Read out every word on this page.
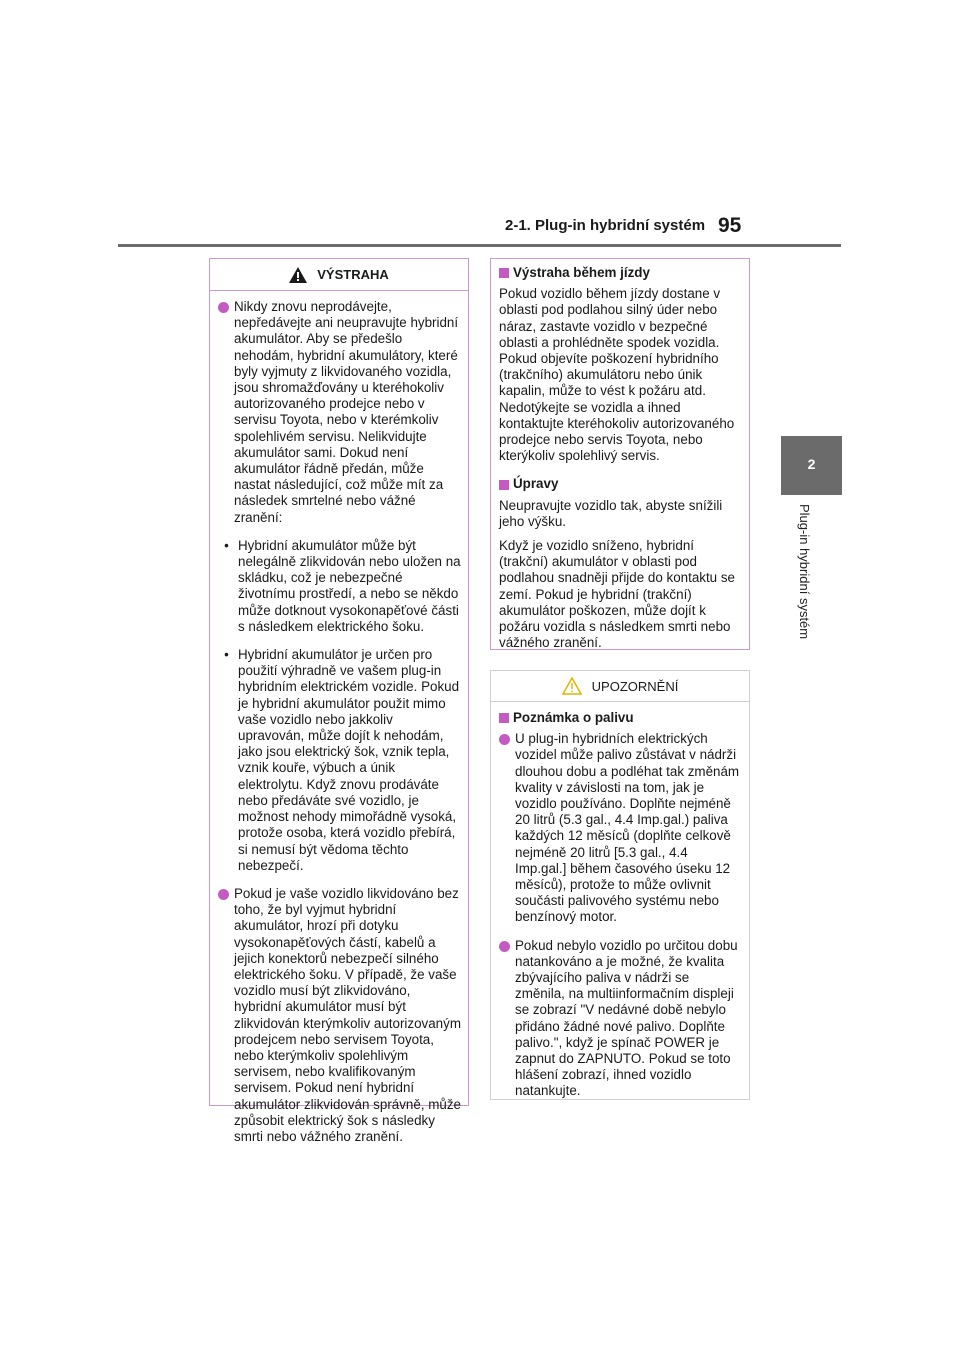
2-1. Plug-in hybridní systém 95
2
Plug-in hybridní systém
VÝSTRAHA
Nikdy znovu neprodávejte, nepředávejte ani neupravujte hybridní akumulátor. Aby se předešlo nehodám, hybridní akumulátory, které byly vyjmuty z likvidovaného vozidla, jsou shromažďovány u kteréhokoliv autorizovaného prodejce nebo v servisu Toyota, nebo v kterémkoliv spolehlivém servisu. Nelikvidujte akumulátor sami. Dokud není akumulátor řádně předán, může nastat následující, což může mít za následek smrtelné nebo vážné zranění:
• Hybridní akumulátor může být nelegálně zlikvidován nebo uložen na skládku, což je nebezpečné životnímu prostředí, a nebo se někdo může dotknout vysokonapěťové části s následkem elektrického šoku.
• Hybridní akumulátor je určen pro použití výhradně ve vašem plug-in hybridním elektrickém vozidle. Pokud je hybridní akumulátor použit mimo vaše vozidlo nebo jakkoliv upravován, může dojít k nehodám, jako jsou elektrický šok, vznik tepla, vznik kouře, výbuch a únik elektrolytu. Když znovu prodáváte nebo předáváte své vozidlo, je možnost nehody mimořádně vysoká, protože osoba, která vozidlo přebírá, si nemusí být vědoma těchto nebezpečí.
Pokud je vaše vozidlo likvidováno bez toho, že byl vyjmut hybridní akumulátor, hrozí při dotyku vysokonapěťových částí, kabelů a jejich konektorů nebezpečí silného elektrického šoku. V případě, že vaše vozidlo musí být zlikvidováno, hybridní akumulátor musí být zlikvidován kterýmkoliv autorizovaným prodejcem nebo servisem Toyota, nebo kterýmkoliv spolehlivým servisem, nebo kvalifikovaným servisem. Pokud není hybridní akumulátor zlikvidován správně, může způsobit elektrický šok s následky smrti nebo vážného zranění.
Výstraha během jízdy
Pokud vozidlo během jízdy dostane v oblasti pod podlahou silný úder nebo náraz, zastavte vozidlo v bezpečné oblasti a prohlédněte spodek vozidla. Pokud objevíte poškození hybridního (trakčního) akumulátoru nebo únik kapalin, může to vést k požáru atd. Nedotýkejte se vozidla a ihned kontaktujte kteréhokoliv autorizovaného prodejce nebo servis Toyota, nebo kterýkoliv spolehlivý servis.
Úpravy
Neupravujte vozidlo tak, abyste snížili jeho výšku.
Když je vozidlo sníženo, hybridní (trakční) akumulátor v oblasti pod podlahou snadněji přijde do kontaktu se zemí. Pokud je hybridní (trakční) akumulátor poškozen, může dojít k požáru vozidla s následkem smrti nebo vážného zranění.
UPOZORNĚNÍ
Poznámka o palivu
U plug-in hybridních elektrických vozidel může palivo zůstávat v nádrži dlouhou dobu a podléhat tak změnám kvality v závislosti na tom, jak je vozidlo používáno. Doplňte nejméně 20 litrů (5.3 gal., 4.4 Imp.gal.) paliva každých 12 měsíců (doplňte celkově nejméně 20 litrů [5.3 gal., 4.4 Imp.gal.] během časového úseku 12 měsíců), protože to může ovlivnit součásti palivového systému nebo benzínový motor.
Pokud nebylo vozidlo po určitou dobu natankováno a je možné, že kvalita zbývajícího paliva v nádrži se změnila, na multiinformačním displeji se zobrazí "V nedávné době nebylo přidáno žádné nové palivo. Doplňte palivo.", když je spínač POWER je zapnut do ZAPNUTO. Pokud se toto hlášení zobrazí, ihned vozidlo natankujte.
